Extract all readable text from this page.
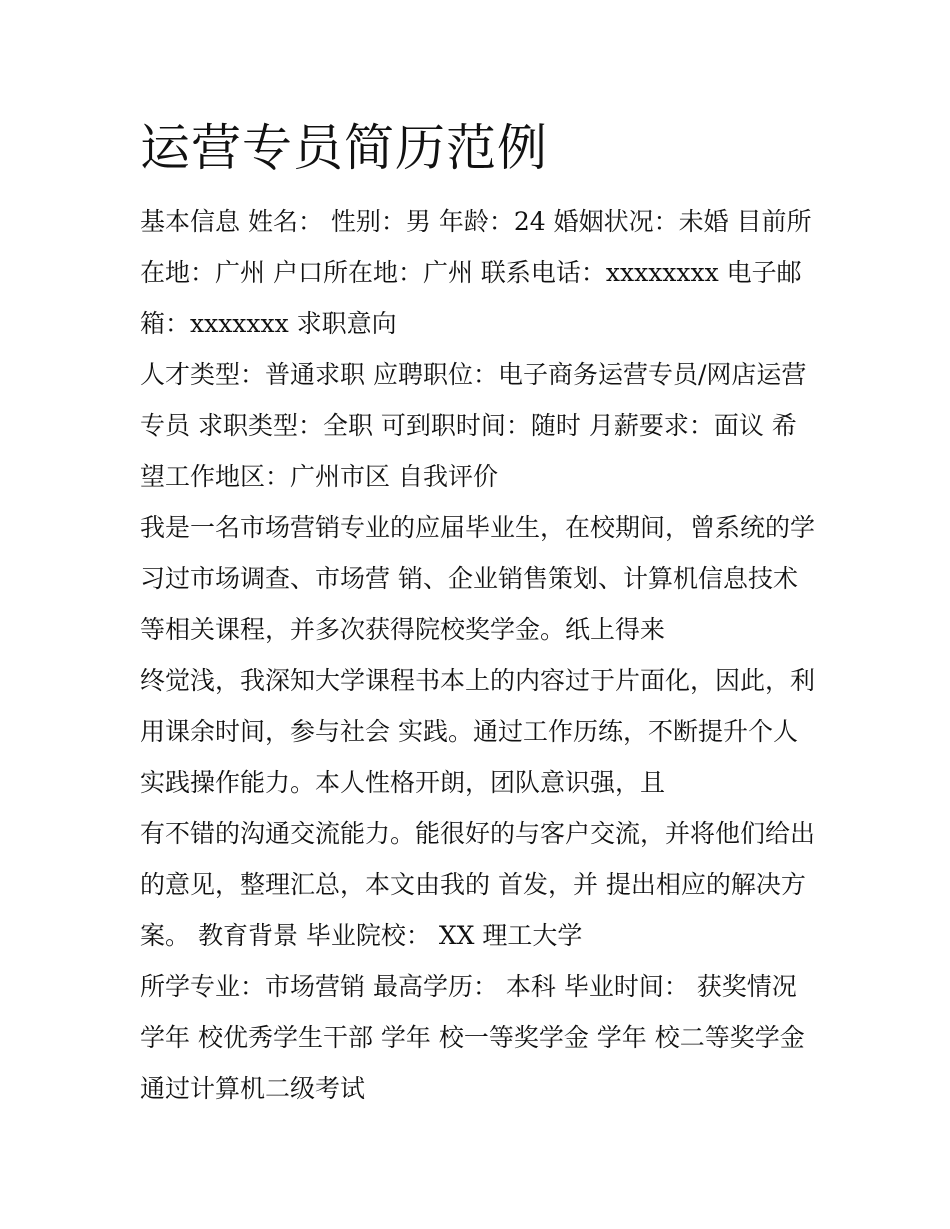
运营专员简历范例
基本信息 姓名： 性别：男 年龄：24 婚姻状况：未婚 目前所
在地：广州 户口所在地：广州 联系电话：xxxxxxxx 电子邮
箱：xxxxxxx 求职意向
人才类型：普通求职 应聘职位：电子商务运营专员/网店运营
专员 求职类型：全职 可到职时间：随时 月薪要求：面议 希
望工作地区：广州市区 自我评价
我是一名市场营销专业的应届毕业生，在校期间，曾系统的学
习过市场调查、市场营 销、企业销售策划、计算机信息技术
等相关课程，并多次获得院校奖学金。纸上得来
终觉浅，我深知大学课程书本上的内容过于片面化，因此，利
用课余时间，参与社会 实践。通过工作历练，不断提升个人
实践操作能力。本人性格开朗，团队意识强，且
有不错的沟通交流能力。能很好的与客户交流，并将他们给出
的意见，整理汇总，本文由我的 首发，并 提出相应的解决方
案。 教育背景 毕业院校： XX 理工大学
所学专业：市场营销 最高学历： 本科 毕业时间： 获奖情况
学年 校优秀学生干部 学年 校一等奖学金 学年 校二等奖学金
通过计算机二级考试
